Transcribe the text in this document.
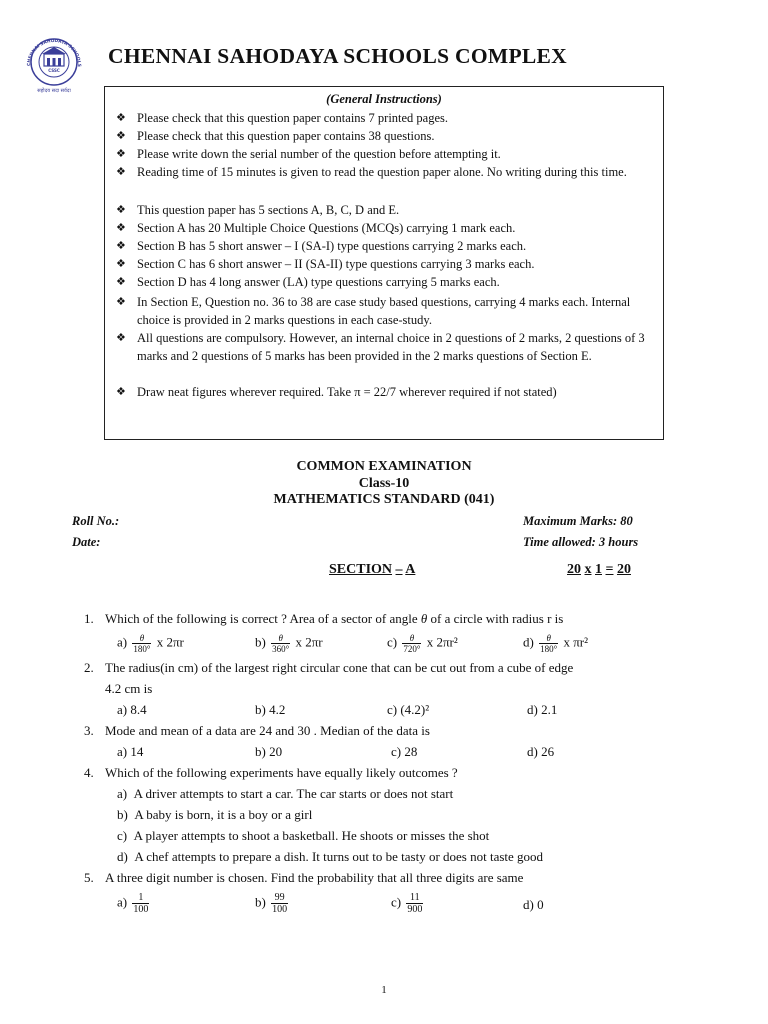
CHENNAI SAHODAYA SCHOOLS
CSSC
सहोदय सदा सर्वदा
CHENNAI SAHODAYA SCHOOLS COMPLEX
(General Instructions)
❖ Please check that this question paper contains 7 printed pages.
❖ Please check that this question paper contains 38 questions.
❖ Please write down the serial number of the question before attempting it.
❖ Reading time of 15 minutes is given to read the question paper alone. No writing during this time.
❖ This question paper has 5 sections A, B, C, D and E.
❖ Section A has 20 Multiple Choice Questions (MCQs) carrying 1 mark each.
❖ Section B has 5 short answer – I (SA-I) type questions carrying 2 marks each.
❖ Section C has 6 short answer – II (SA-II) type questions carrying 3 marks each.
❖ Section D has 4 long answer (LA) type questions carrying 5 marks each.
❖ In Section E, Question no. 36 to 38 are case study based questions, carrying 4 marks each. Internal choice is provided in 2 marks questions in each case-study.
❖ All questions are compulsory. However, an internal choice in 2 questions of 2 marks, 2 questions of 3 marks and 2 questions of 5 marks has been provided in the 2 marks questions of Section E.
❖ Draw neat figures wherever required. Take π = 22/7 wherever required if not stated)
COMMON EXAMINATION
Class-10
MATHEMATICS STANDARD (041)
Roll No.:
Date:
Maximum Marks: 80
Time allowed: 3 hours
SECTION – A	20 x 1 = 20
1. Which of the following is correct ? Area of a sector of angle θ of a circle with radius r is
$a) \frac{\theta}{180^\circ}$ x 2πr	$b) \frac{\theta}{360^\circ}$ x 2πr	$c) \frac{\theta}{720^\circ}$ x 2πr²	$d) \frac{\theta}{180^\circ}$ x πr²
2. The radius(in cm) of the largest right circular cone that can be cut out from a cube of edge
4.2 cm is
a) 8.4	b) 4.2	c) (4.2)²	d) 2.1
3. Mode and mean of a data are 24 and 30 . Median of the data is
a) 14	b) 20	c) 28	d) 26
4. Which of the following experiments have equally likely outcomes ?
a) A driver attempts to start a car. The car starts or does not start
b) A baby is born, it is a boy or a girl
c) A player attempts to shoot a basketball. He shoots or misses the shot
d) A chef attempts to prepare a dish. It turns out to be tasty or does not taste good
5. A three digit number is chosen. Find the probability that all three digits are same
$a) \frac{1}{100}$	$b) \frac{99}{100}$	$c) \frac{11}{900}$	d) 0
1
